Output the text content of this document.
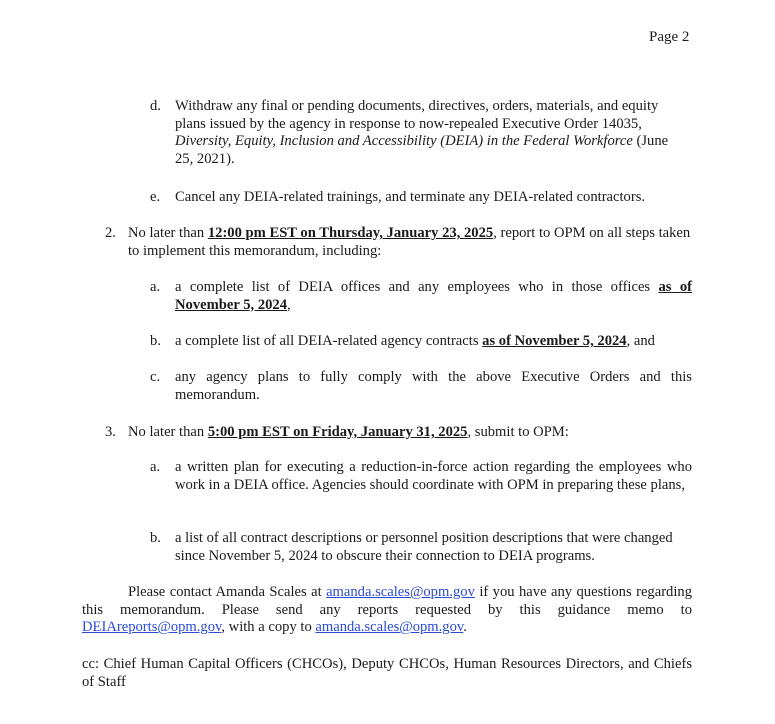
Page 2
d. Withdraw any final or pending documents, directives, orders, materials, and equity plans issued by the agency in response to now-repealed Executive Order 14035, Diversity, Equity, Inclusion and Accessibility (DEIA) in the Federal Workforce (June 25, 2021).
e.	Cancel any DEIA-related trainings, and terminate any DEIA-related contractors.
2. No later than 12:00 pm EST on Thursday, January 23, 2025, report to OPM on all steps taken to implement this memorandum, including:
a.	a complete list of DEIA offices and any employees who in those offices as of November 5, 2024,
b. a complete list of all DEIA-related agency contracts as of November 5, 2024, and
c.	any agency plans to fully comply with the above Executive Orders and this memorandum.
3. No later than 5:00 pm EST on Friday, January 31, 2025, submit to OPM:
a.	a written plan for executing a reduction-in-force action regarding the employees who work in a DEIA office. Agencies should coordinate with OPM in preparing these plans,
b. a list of all contract descriptions or personnel position descriptions that were changed since November 5, 2024 to obscure their connection to DEIA programs.
Please contact Amanda Scales at amanda.scales@opm.gov if you have any questions regarding this memorandum. Please send any reports requested by this guidance memo to DEIAreports@opm.gov, with a copy to amanda.scales@opm.gov.
cc: Chief Human Capital Officers (CHCOs), Deputy CHCOs, Human Resources Directors, and Chiefs of Staff
